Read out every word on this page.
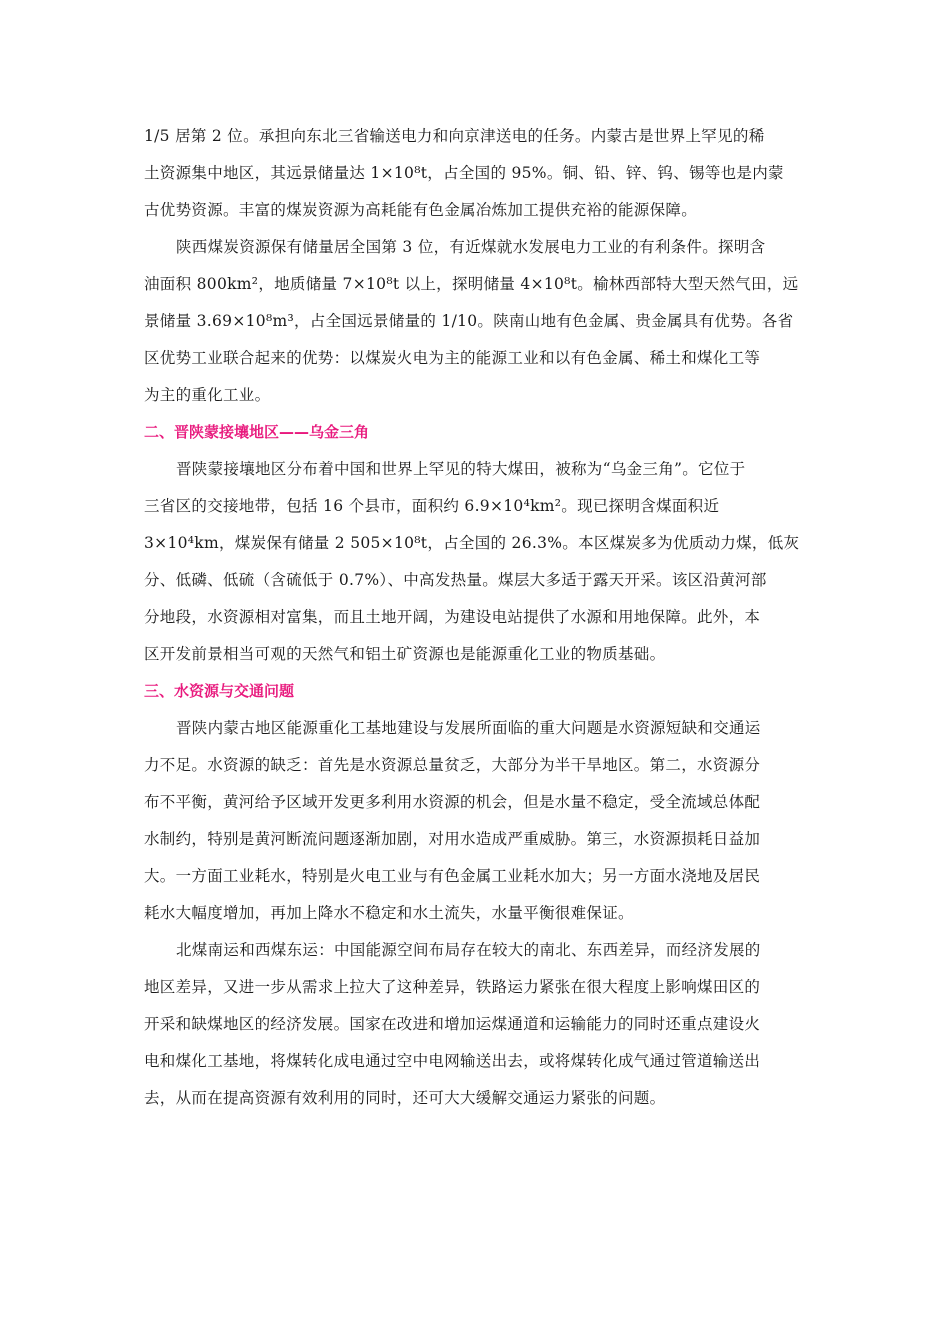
1/5 居第 2 位。承担向东北三省输送电力和向京津送电的任务。内蒙古是世界上罕见的稀
土资源集中地区，其远景储量达 1×10⁸t，占全国的 95%。铜、铅、锌、钨、锡等也是内蒙
古优势资源。丰富的煤炭资源为高耗能有色金属冶炼加工提供充裕的能源保障。
陕西煤炭资源保有储量居全国第 3 位，有近煤就水发展电力工业的有利条件。探明含
油面积 800km²，地质储量 7×10⁸t 以上，探明储量 4×10⁸t。榆林西部特大型天然气田，远
景储量 3.69×10⁸m³，占全国远景储量的 1/10。陕南山地有色金属、贵金属具有优势。各省
区优势工业联合起来的优势：以煤炭火电为主的能源工业和以有色金属、稀土和煤化工等
为主的重化工业。
二、晋陕蒙接壤地区——乌金三角
晋陕蒙接壤地区分布着中国和世界上罕见的特大煤田，被称为“乌金三角”。它位于
三省区的交接地带，包括 16 个县市，面积约 6.9×10⁴km²。现已探明含煤面积近
3×10⁴km，煤炭保有储量 2 505×10⁸t，占全国的 26.3%。本区煤炭多为优质动力煤，低灰
分、低磷、低硫（含硫低于 0.7%）、中高发热量。煤层大多适于露天开采。该区沿黄河部
分地段，水资源相对富集，而且土地开阔，为建设电站提供了水源和用地保障。此外，本
区开发前景相当可观的天然气和铝土矿资源也是能源重化工业的物质基础。
三、水资源与交通问题
晋陕内蒙古地区能源重化工基地建设与发展所面临的重大问题是水资源短缺和交通运
力不足。水资源的缺乏：首先是水资源总量贫乏，大部分为半干旱地区。第二，水资源分
布不平衡，黄河给予区域开发更多利用水资源的机会，但是水量不稳定，受全流域总体配
水制约，特别是黄河断流问题逐渐加剧，对用水造成严重威胁。第三，水资源损耗日益加
大。一方面工业耗水，特别是火电工业与有色金属工业耗水加大；另一方面水浇地及居民
耗水大幅度增加，再加上降水不稳定和水土流失，水量平衡很难保证。
北煤南运和西煤东运：中国能源空间布局存在较大的南北、东西差异，而经济发展的
地区差异，又进一步从需求上拉大了这种差异，铁路运力紧张在很大程度上影响煤田区的
开采和缺煤地区的经济发展。国家在改进和增加运煤通道和运输能力的同时还重点建设火
电和煤化工基地，将煤转化成电通过空中电网输送出去，或将煤转化成气通过管道输送出
去，从而在提高资源有效利用的同时，还可大大缓解交通运力紧张的问题。
